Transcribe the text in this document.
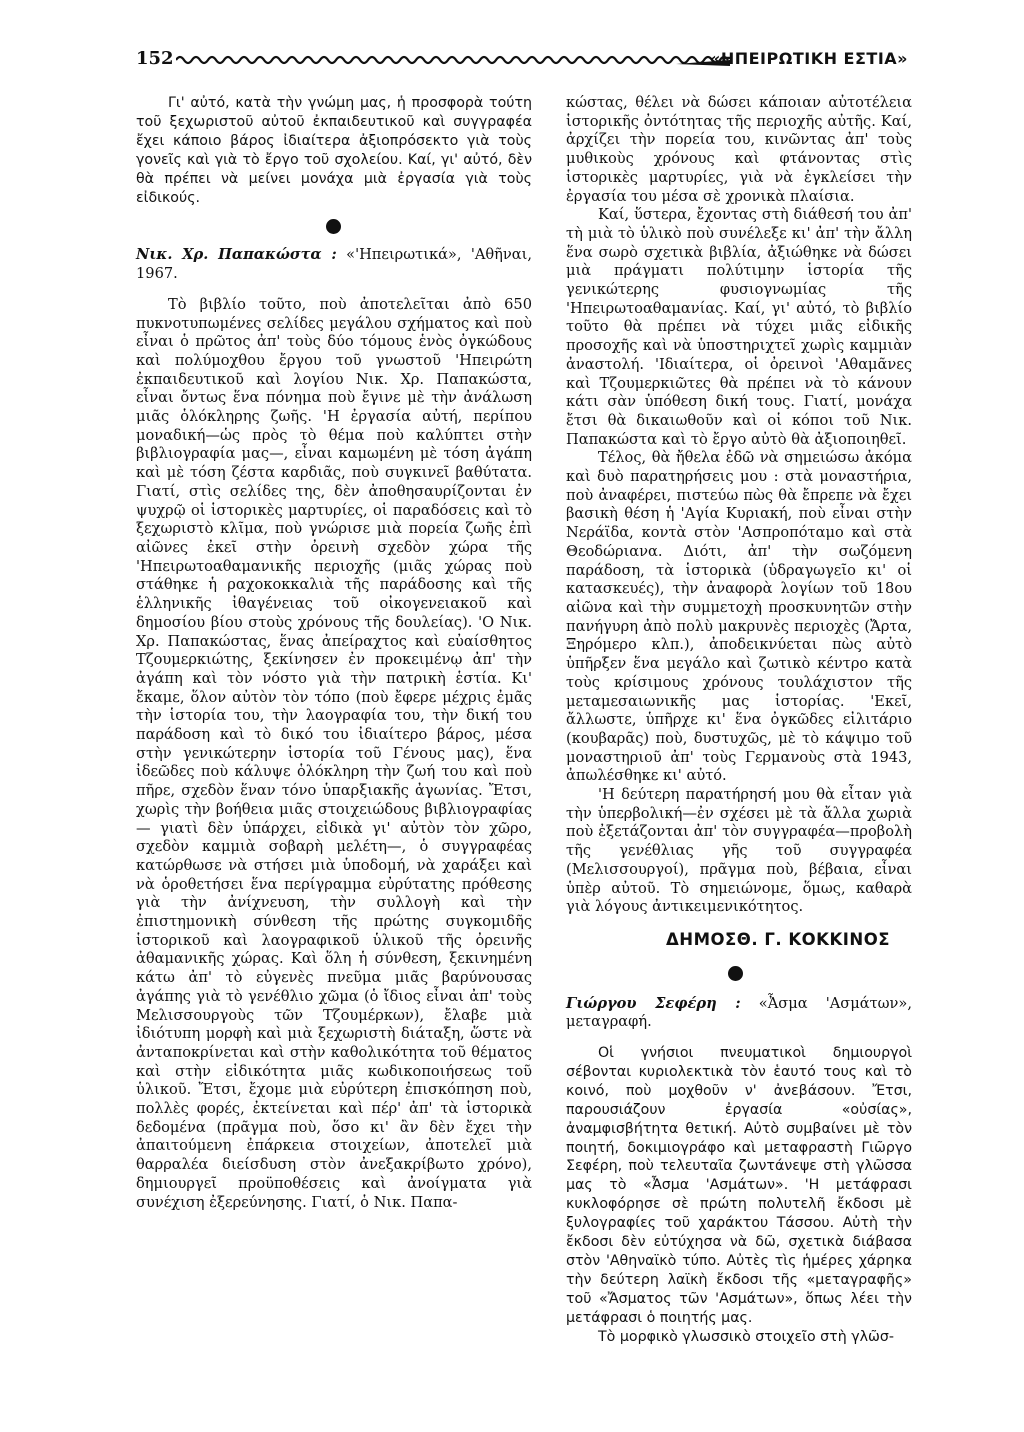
152	«ΗΠΕΙΡΩΤΙΚΗ ΕΣΤΙΑ»

Γι' αὐτό, κατὰ τὴν γνώμη μας, ἡ προσφορὰ τούτη τοῦ ξεχωριστοῦ αὐτοῦ ἐκπαιδευτικοῦ καὶ συγγραφέα ἔχει κάποιο βάρος ἰδιαίτερα ἀξιοπρόσεκτο γιὰ τοὺς γονεῖς καὶ γιὰ τὸ ἔργο τοῦ σχολείου. Καί, γι' αὐτό, δὲν θὰ πρέπει νὰ μείνει μονάχα μιὰ ἐργασία γιὰ τοὺς εἰδικούς.

Νικ. Χρ. Παπακώστα : «'Ηπειρωτικά», 'Αθῆναι, 1967.

Τὸ βιβλίο τοῦτο, ποὺ ἀποτελεῖται ἀπὸ 650 πυκνοτυπωμένες σελίδες μεγάλου σχήματος καὶ ποὺ εἶναι ὁ πρῶτος ἀπ' τοὺς δύο τόμους ἑνὸς ὀγκώδους καὶ πολύμοχθου ἔργου τοῦ γνωστοῦ 'Ηπειρώτη ἐκπαιδευτικοῦ καὶ λογίου Νικ. Χρ. Παπακώστα, εἶναι ὄντως ἕνα πόνημα ποὺ ἔγινε μὲ τὴν ἀνάλωση μιᾶς ὁλόκληρης ζωῆς. 'Η ἐργασία αὐτή, περίπου μοναδική—ὡς πρὸς τὸ θέμα ποὺ καλύπτει στὴν βιβλιογραφία μας—, εἶναι καμωμένη μὲ τόση ἀγάπη καὶ μὲ τόση ζέστα καρδιᾶς, ποὺ συγκινεῖ βαθύτατα. Γιατί, στὶς σελίδες της, δὲν ἀποθησαυρίζονται ἐν ψυχρῷ οἱ ἱστορικὲς μαρτυρίες, οἱ παραδόσεις καὶ τὸ ξεχωριστὸ κλῖμα, ποὺ γνώρισε μιὰ πορεία ζωῆς ἐπὶ αἰῶνες ἐκεῖ στὴν ὀρεινὴ σχεδὸν χώρα τῆς 'Ηπειρωτοαθαμανικῆς περιοχῆς (μιᾶς χώρας ποὺ στάθηκε ἡ ραχοκοκκαλιὰ τῆς παράδοσης καὶ τῆς ἑλληνικῆς ἰθαγένειας τοῦ οἰκογενειακοῦ καὶ δημοσίου βίου στοὺς χρόνους τῆς δουλείας). 'Ο Νικ. Χρ. Παπακώστας, ἕνας ἀπείραχτος καὶ εὐαίσθητος Τζουμερκιώτης, ξεκίνησεν ἐν προκειμένῳ ἀπ' τὴν ἀγάπη καὶ τὸν νόστο γιὰ τὴν πατρικὴ ἑστία. Κι' ἔκαμε, ὅλον αὐτὸν τὸν τόπο (ποὺ ἔφερε μέχρις ἐμᾶς τὴν ἱστορία του, τὴν λαογραφία του, τὴν δική του παράδοση καὶ τὸ δικό του ἰδιαίτερο βάρος, μέσα στὴν γενικώτερην ἱστορία τοῦ Γένους μας), ἕνα ἰδεῶδες ποὺ κάλυψε ὁλόκληρη τὴν ζωή του καὶ ποὺ πῆρε, σχεδὸν ἕναν τόνο ὑπαρξιακῆς ἀγωνίας. Ἔτσι, χωρὶς τὴν βοήθεια μιᾶς στοιχειώδους βιβλιογραφίας — γιατὶ δὲν ὑπάρχει, εἰδικὰ γι' αὐτὸν τὸν χῶρο, σχεδὸν καμμιὰ σοβαρὴ μελέτη—, ὁ συγγραφέας κατώρθωσε νὰ στήσει μιὰ ὑποδομή, νὰ χαράξει καὶ νὰ ὁροθετήσει ἕνα περίγραμμα εὐρύτατης πρόθεσης γιὰ τὴν ἀνίχνευση, τὴν συλλογὴ καὶ τὴν ἐπιστημονικὴ σύνθεση τῆς πρώτης συγκομιδῆς ἱστορικοῦ καὶ λαογραφικοῦ ὑλικοῦ τῆς ὀρεινῆς ἀθαμανικῆς χώρας. Καὶ ὅλη ἡ σύνθεση, ξεκινημένη κάτω ἀπ' τὸ εὐγενὲς πνεῦμα μιᾶς βαρύνουσας ἀγάπης γιὰ τὸ γενέθλιο χῶμα (ὁ ἴδιος εἶναι ἀπ' τοὺς Μελισσουργοὺς τῶν Τζουμέρκων), ἔλαβε μιὰ ἰδιότυπη μορφὴ καὶ μιὰ ξεχωριστὴ διάταξη, ὥστε νὰ ἀνταποκρίνεται καὶ στὴν καθολικότητα τοῦ θέματος καὶ στὴν εἰδικότητα μιᾶς κωδικοποιήσεως τοῦ ὑλικοῦ. Ἔτσι, ἔχομε μιὰ εὐρύτερη ἐπισκόπηση ποὺ, πολλὲς φορές, ἐκτείνεται καὶ πέρ' ἀπ' τὰ ἱστορικὰ δεδομένα (πρᾶγμα ποὺ, ὅσο κι' ἂν δὲν ἔχει τὴν ἀπαιτούμενη ἐπάρκεια στοιχείων, ἀποτελεῖ μιὰ θαρραλέα διείσδυση στὸν ἀνεξακρίβωτο χρόνο), δημιουργεῖ προϋποθέσεις καὶ ἀνοίγματα γιὰ συνέχιση ἐξερεύνησης. Γιατί, ὁ Νικ. Παπα-

κώστας, θέλει νὰ δώσει κάποιαν αὐτοτέλεια ἱστορικῆς ὀντότητας τῆς περιοχῆς αὐτῆς. Καί, ἀρχίζει τὴν πορεία του, κινῶντας ἀπ' τοὺς μυθικοὺς χρόνους καὶ φτάνοντας στὶς ἱστορικὲς μαρτυρίες, γιὰ νὰ ἐγκλείσει τὴν ἐργασία του μέσα σὲ χρονικὰ πλαίσια.

Καί, ὕστερα, ἔχοντας στὴ διάθεσή του ἀπ' τὴ μιὰ τὸ ὑλικὸ ποὺ συνέλεξε κι' ἀπ' τὴν ἄλλη ἕνα σωρὸ σχετικὰ βιβλία, ἀξιώθηκε νὰ δώσει μιὰ πράγματι πολύτιμην ἱστορία τῆς γενικώτερης φυσιογνωμίας τῆς 'Ηπειρωτοαθαμανίας. Καί, γι' αὐτό, τὸ βιβλίο τοῦτο θὰ πρέπει νὰ τύχει μιᾶς εἰδικῆς προσοχῆς καὶ νὰ ὑποστηριχτεῖ χωρὶς καμμιὰν ἀναστολή. 'Ιδιαίτερα, οἱ ὀρεινοὶ 'Αθαμᾶνες καὶ Τζουμερκιῶτες θὰ πρέπει νὰ τὸ κάνουν κάτι σὰν ὑπόθεση δική τους. Γιατί, μονάχα ἔτσι θὰ δικαιωθοῦν καὶ οἱ κόποι τοῦ Νικ. Παπακώστα καὶ τὸ ἔργο αὐτὸ θὰ ἀξιοποιηθεῖ.

Τέλος, θὰ ἤθελα ἐδῶ νὰ σημειώσω ἀκόμα καὶ δυὸ παρατηρήσεις μου : στὰ μοναστήρια, ποὺ ἀναφέρει, πιστεύω πὼς θὰ ἔπρεπε νὰ ἔχει βασικὴ θέση ἡ 'Αγία Κυριακή, ποὺ εἶναι στὴν Νεράϊδα, κοντὰ στὸν 'Ασπροπόταμο καὶ στὰ Θεοδώριανα. Διότι, ἀπ' τὴν σωζόμενη παράδοση, τὰ ἱστορικὰ (ὑδραγωγεῖο κι' οἱ κατασκευές), τὴν ἀναφορὰ λογίων τοῦ 18ου αἰῶνα καὶ τὴν συμμετοχὴ προσκυνητῶν στὴν πανήγυρη ἀπὸ πολὺ μακρυνὲς περιοχὲς (Ἄρτα, Ξηρόμερο κλπ.), ἀποδεικνύεται πὼς αὐτὸ ὑπῆρξεν ἕνα μεγάλο καὶ ζωτικὸ κέντρο κατὰ τοὺς κρίσιμους χρόνους τουλάχιστον τῆς μεταμεσαιωνικῆς μας ἱστορίας. 'Εκεῖ, ἄλλωστε, ὑπῆρχε κι' ἕνα ὀγκῶδες εἰλιτάριο (κουβαρᾶς) ποὺ, δυστυχῶς, μὲ τὸ κάψιμο τοῦ μοναστηριοῦ ἀπ' τοὺς Γερμανοὺς στὰ 1943, ἀπωλέσθηκε κι' αὐτό.

'Η δεύτερη παρατήρησή μου θὰ εἶταν γιὰ τὴν ὑπερβολική—ἐν σχέσει μὲ τὰ ἄλλα χωριὰ ποὺ ἐξετάζονται ἀπ' τὸν συγγραφέα—προβολὴ τῆς γενέθλιας γῆς τοῦ συγγραφέα (Μελισσουργοί), πρᾶγμα ποὺ, βέβαια, εἶναι ὑπὲρ αὐτοῦ. Τὸ σημειώνομε, ὅμως, καθαρὰ γιὰ λόγους ἀντικειμενικότητος.

ΔΗΜΟΣΘ. Γ. ΚΟΚΚΙΝΟΣ

Γιώργου Σεφέρη : «Ἆσμα 'Ασμάτων», μεταγραφή.

Οἱ γνήσιοι πνευματικοὶ δημιουργοὶ σέβονται κυριολεκτικὰ τὸν ἑαυτό τους καὶ τὸ κοινό, ποὺ μοχθοῦν ν' ἀνεβάσουν. Ἔτσι, παρουσιάζουν ἐργασία «οὐσίας», ἀναμφισβήτητα θετική. Αὐτὸ συμβαίνει μὲ τὸν ποιητή, δοκιμιογράφο καὶ μεταφραστὴ Γιῶργο Σεφέρη, ποὺ τελευταῖα ζωντάνεψε στὴ γλῶσσα μας τὸ «Ἆσμα 'Ασμάτων». 'Η μετάφρασι κυκλοφόρησε σὲ πρώτη πολυτελῆ ἔκδοσι μὲ ξυλογραφίες τοῦ χαράκτου Τάσσου. Αὐτὴ τὴν ἔκδοσι δὲν εὐτύχησα νὰ δῶ, σχετικὰ διάβασα στὸν 'Αθηναϊκὸ τύπο. Αὐτὲς τὶς ἡμέρες χάρηκα τὴν δεύτερη λαϊκὴ ἔκδοσι τῆς «μεταγραφῆς» τοῦ «Ἄσματος τῶν 'Ασμάτων», ὅπως λέει τὴν μετάφρασι ὁ ποιητής μας.

Τὸ μορφικὸ γλωσσικὸ στοιχεῖο στὴ γλῶσ-
